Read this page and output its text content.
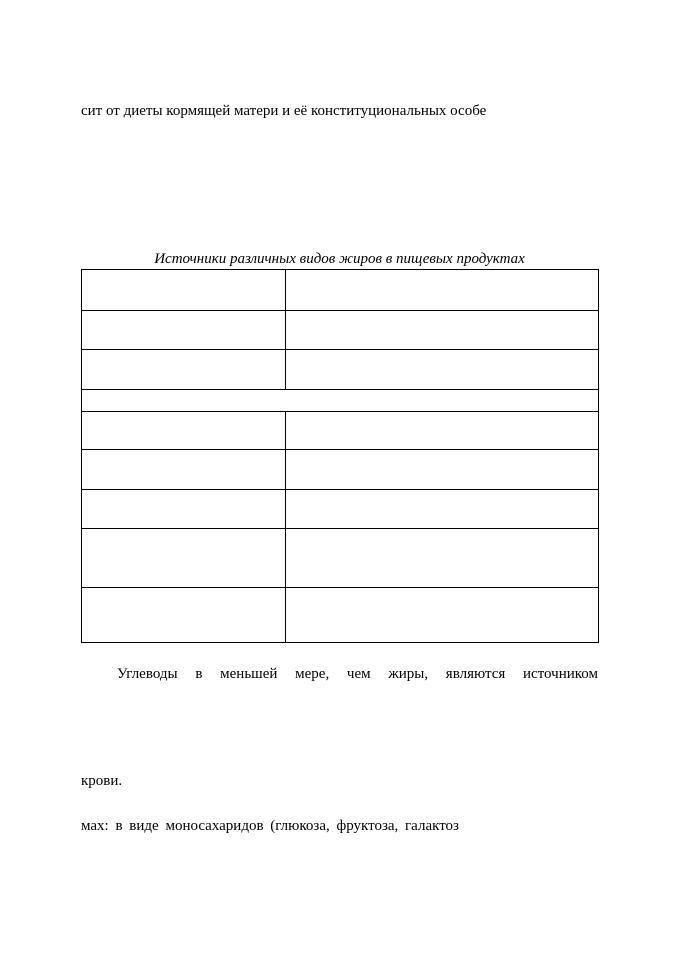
сит от диеты кормящей матери и её конституциональных особе
Источники различных видов жиров в пищевых продуктах

Углеводы в меньшей мере, чем жиры, являются источником
крови.
мах: в виде моносахаридов (глюкоза, фруктоза, галактоз
